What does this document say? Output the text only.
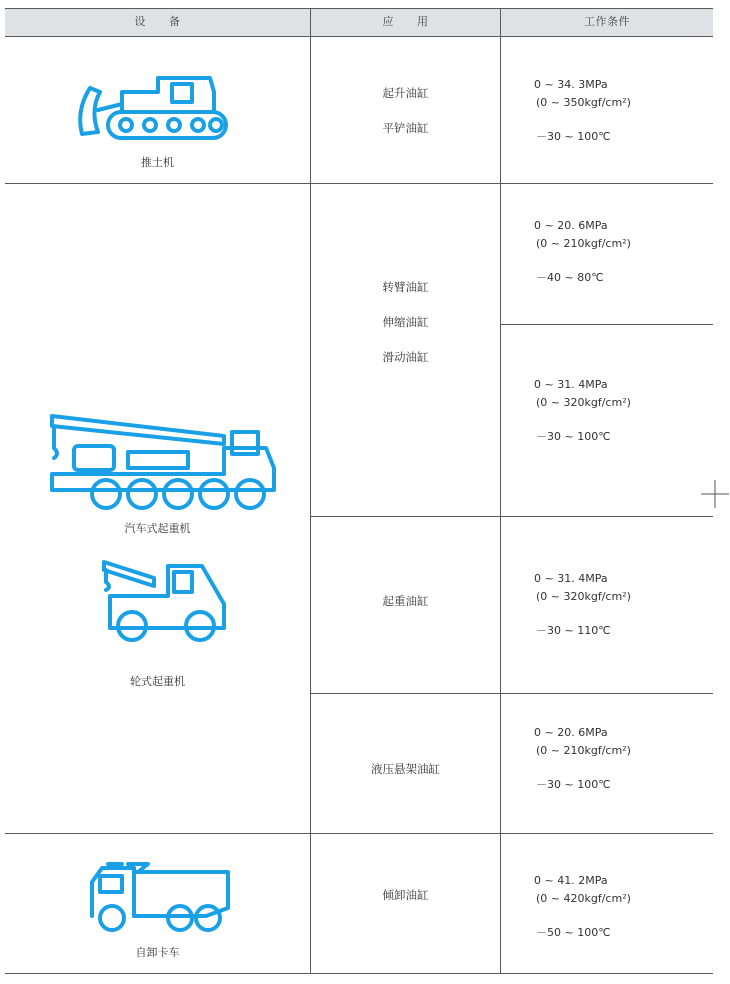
设　　备	应　　用	工作条件
推土机
汽车式起重机
轮式起重机
自卸卡车
起升油缸
平铲油缸
转臂油缸
伸缩油缸
滑动油缸
起重油缸
液压悬架油缸
倾卸油缸
0 ~ 34. 3MPa
(0 ~ 350kgf/cm²)
－30 ~ 100℃
0 ~ 20. 6MPa
(0 ~ 210kgf/cm²)
－40 ~ 80℃
0 ~ 31. 4MPa
(0 ~ 320kgf/cm²)
－30 ~ 100℃
0 ~ 31. 4MPa
(0 ~ 320kgf/cm²)
－30 ~ 110℃
0 ~ 20. 6MPa
(0 ~ 210kgf/cm²)
－30 ~ 100℃
0 ~ 41. 2MPa
(0 ~ 420kgf/cm²)
－50 ~ 100℃
